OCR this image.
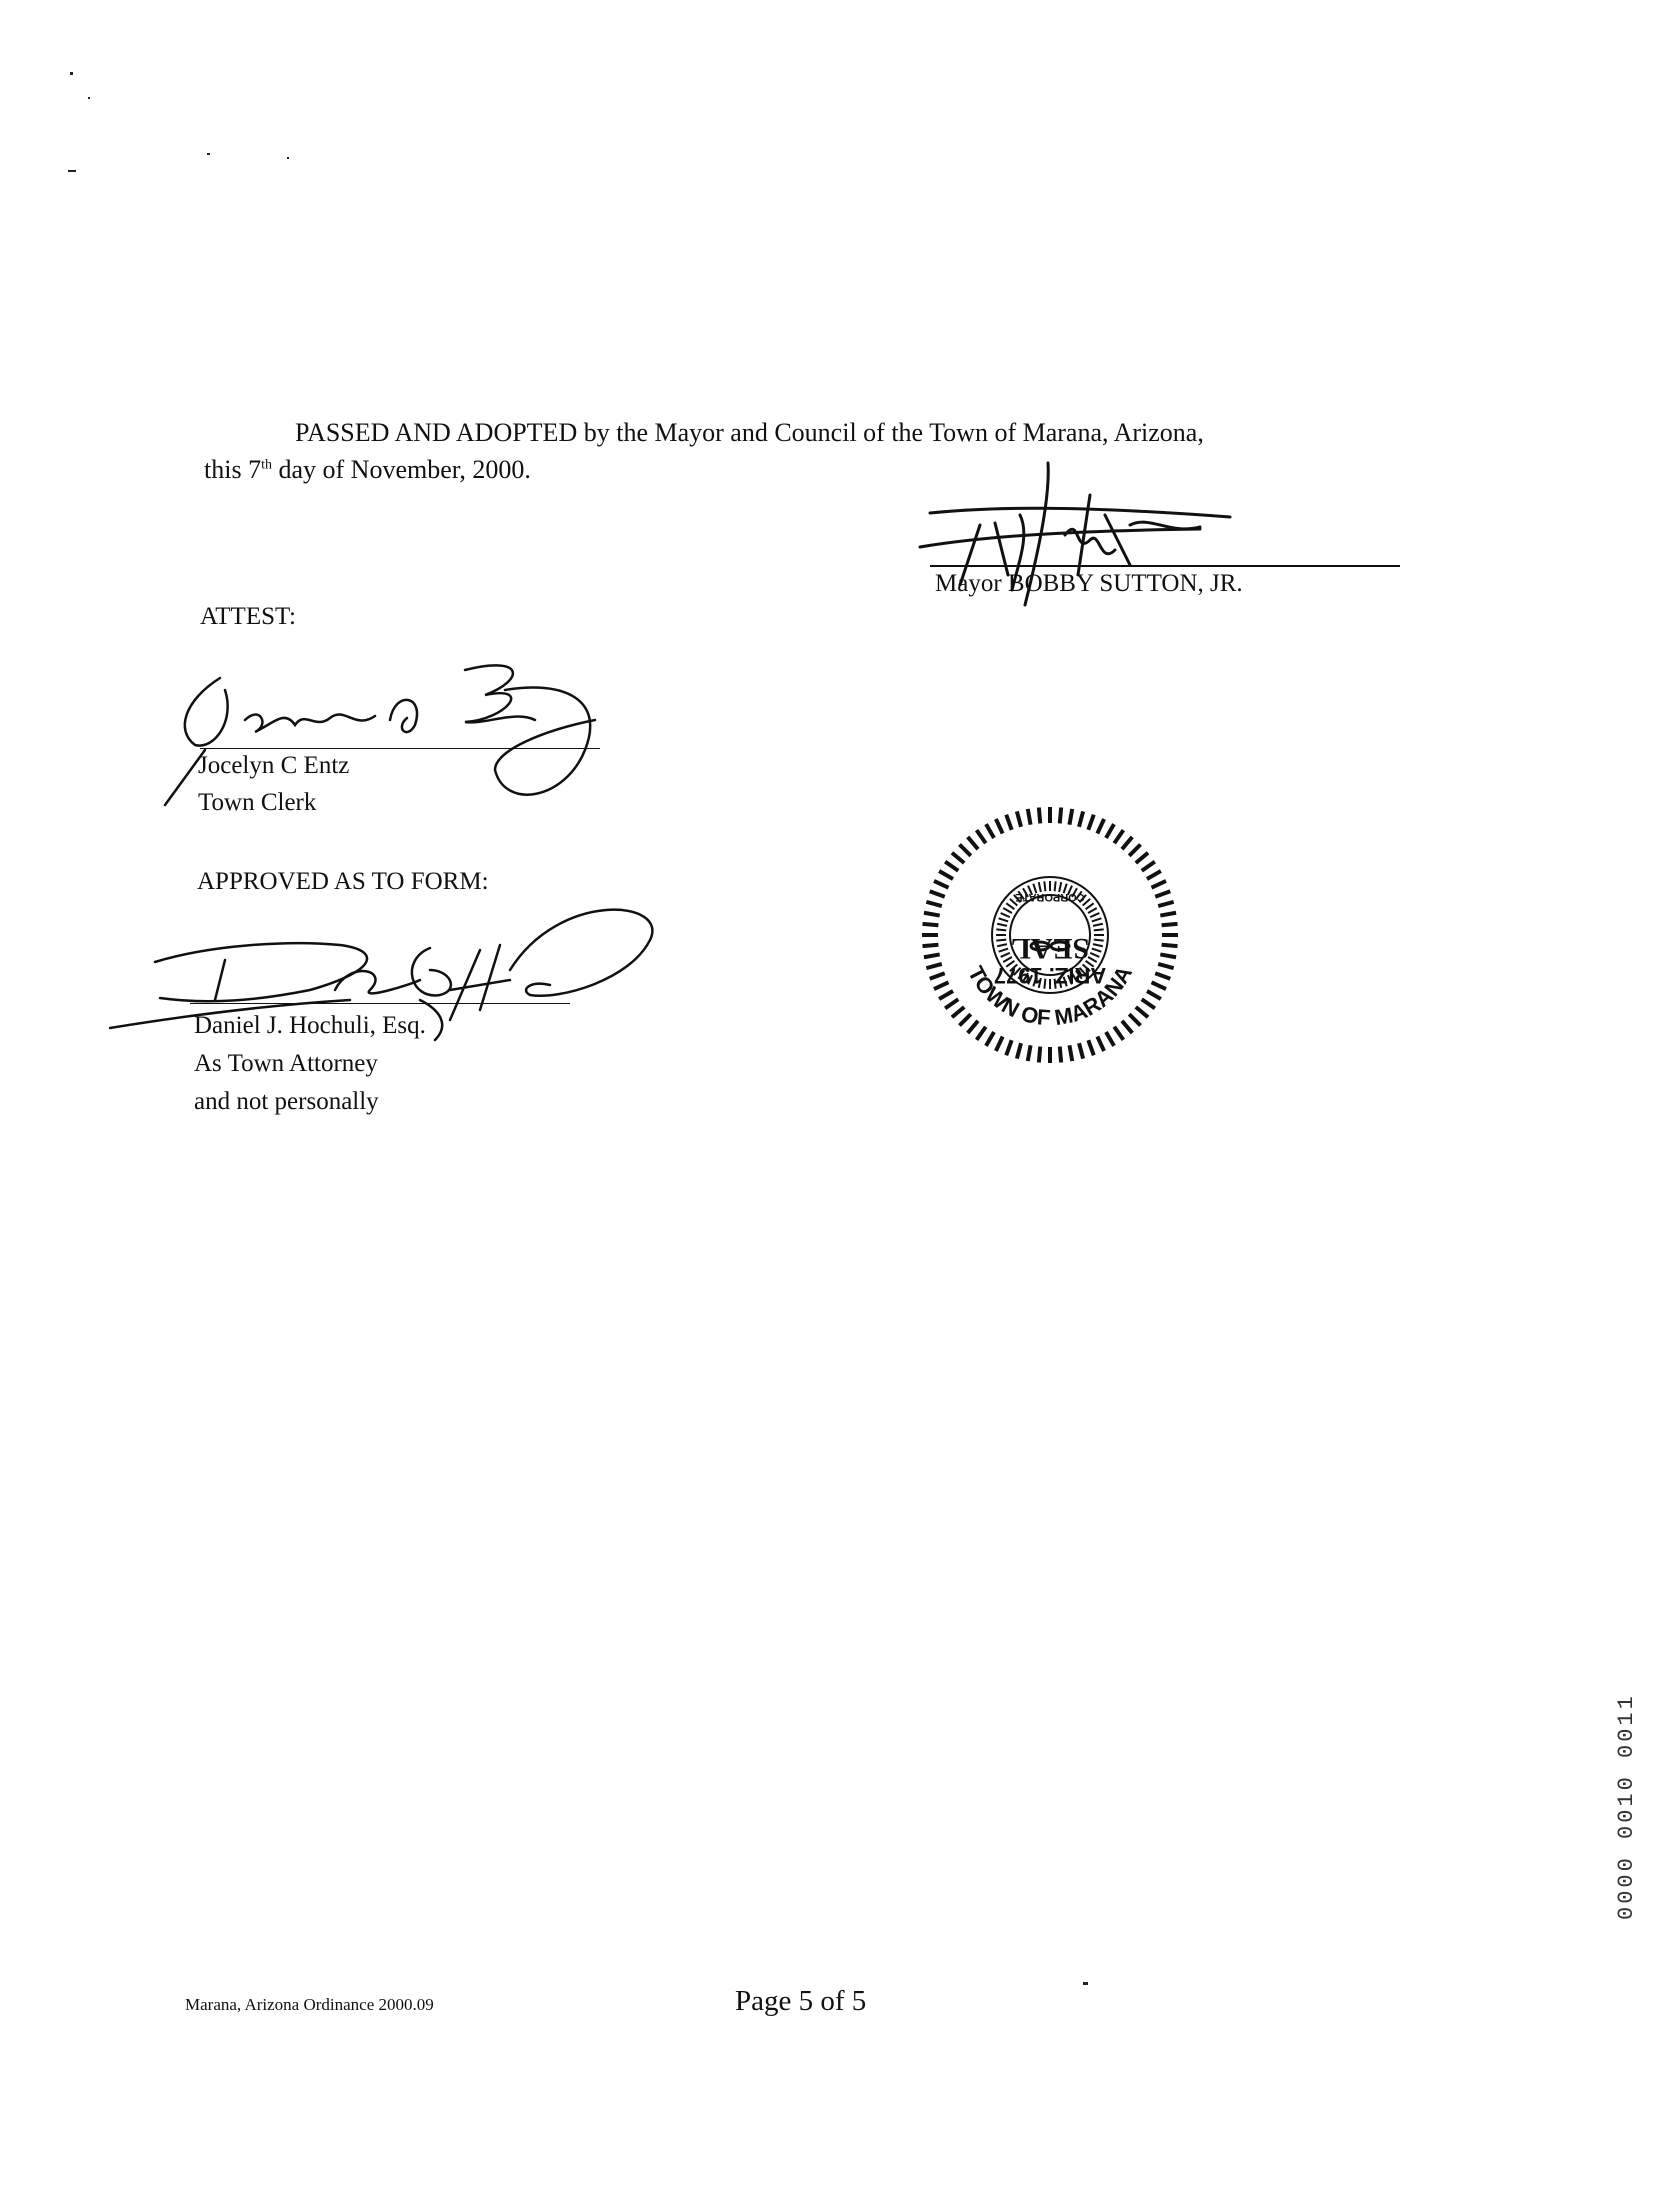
PASSED AND ADOPTED by the Mayor and Council of the Town of Marana, Arizona,
this 7th day of November, 2000.
Mayor BOBBY SUTTON, JR.
ATTEST:
Jocelyn C Entz
Town Clerk
APPROVED AS TO FORM:
Daniel J. Hochuli, Esq.
As Town Attorney
and not personally
ARIZ. 1977
TOWN OF MARANA
SEAL
CORPORATE
0000 0010 0011
Marana, Arizona Ordinance 2000.09	Page 5 of 5
